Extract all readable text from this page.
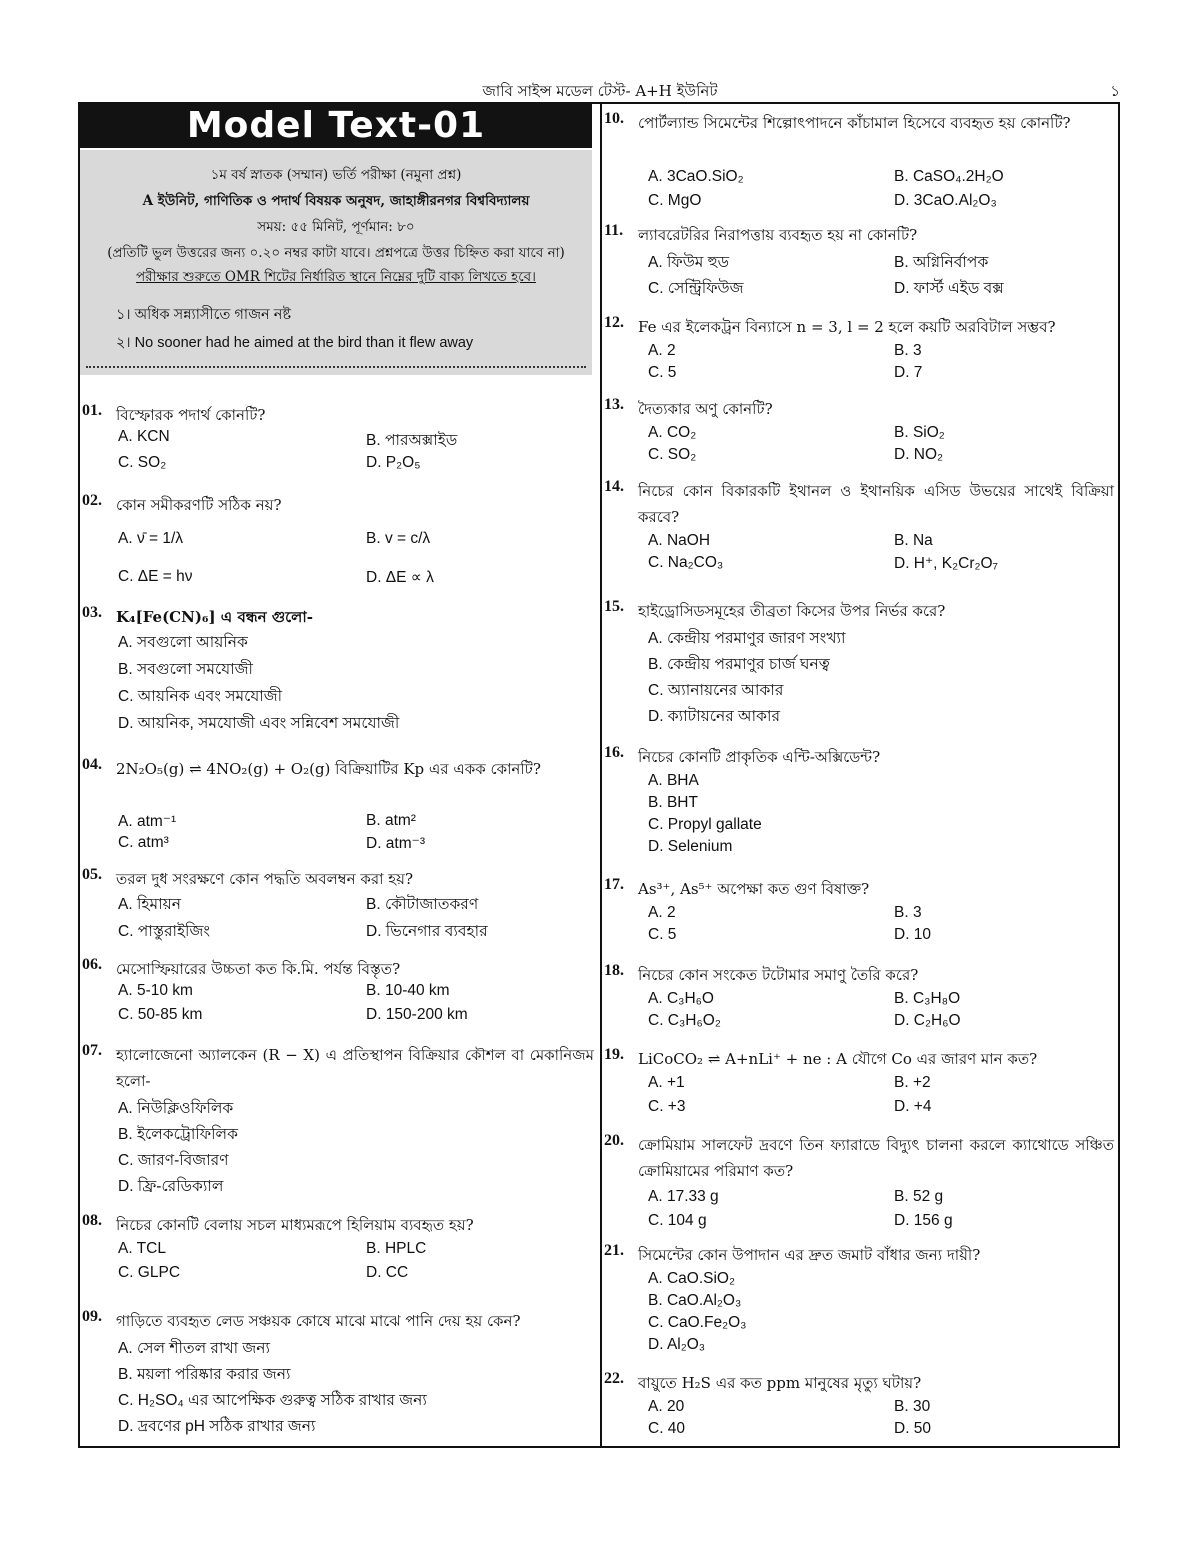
জাবি সাইন্স মডেল টেস্ট- A+H ইউনিট	১
Model Text-01
১ম বর্ষ স্নাতক (সম্মান) ভর্তি পরীক্ষা (নমুনা প্রশ্ন)
A ইউনিট, গাণিতিক ও পদার্থ বিষয়ক অনুষদ, জাহাঙ্গীরনগর বিশ্ববিদ্যালয়
সময়: ৫৫ মিনিট, পূর্ণমান: ৮০
(প্রতিটি ভুল উত্তরের জন্য ০.২০ নম্বর কাটা যাবে। প্রশ্নপত্রে উত্তর চিহ্নিত করা যাবে না)
পরীক্ষার শুরুতে OMR শিটের নির্ধারিত স্থানে নিম্নের দুটি বাক্য লিখতে হবে।
১। অধিক সন্ন্যাসীতে গাজন নষ্ট
২। No sooner had he aimed at the bird than it flew away
01. বিস্ফোরক পদার্থ কোনটি?
A. KCN	B. পারঅক্সাইড
C. SO₂	D. P₂O₅
02. কোন সমীকরণটি সঠিক নয়?
A. ν̄ = 1/λ	B. v = c/λ
C. ΔE = hν	D. ΔE ∝ λ
03. K₄[Fe(CN)₆] এ বন্ধন গুলো-
A. সবগুলো আয়নিক
B. সবগুলো সমযোজী
C. আয়নিক এবং সমযোজী
D. আয়নিক, সমযোজী এবং সন্নিবেশ সমযোজী
04. 2N₂O₅(g) ⇌ 4NO₂(g) + O₂(g) বিক্রিয়াটির Kp এর একক কোনটি?
A. atm⁻¹	B. atm²
C. atm³	D. atm⁻³
05. তরল দুধ সংরক্ষণে কোন পদ্ধতি অবলম্বন করা হয়?
A. হিমায়ন	B. কৌটাজাতকরণ
C. পাস্তুরাইজিং	D. ভিনেগার ব্যবহার
06. মেসোস্ফিয়ারের উচ্চতা কত কি.মি. পর্যন্ত বিস্তৃত?
A. 5-10 km	B. 10-40 km
C. 50-85 km	D. 150-200 km
07. হ্যালোজেনো অ্যালকেন (R − X) এ প্রতিস্থাপন বিক্রিয়ার কৌশল বা মেকানিজম হলো-
A. নিউক্লিওফিলিক
B. ইলেকট্রোফিলিক
C. জারণ-বিজারণ
D. ফ্রি-রেডিক্যাল
08. নিচের কোনটি বেলায় সচল মাধ্যমরূপে হিলিয়াম ব্যবহৃত হয়?
A. TCL	B. HPLC
C. GLPC	D. CC
09. গাড়িতে ব্যবহৃত লেড সঞ্চয়ক কোষে মাঝে মাঝে পানি দেয় হয় কেন?
A. সেল শীতল রাখা জন্য
B. ময়লা পরিষ্কার করার জন্য
C. H₂SO₄ এর আপেক্ষিক গুরুত্ব সঠিক রাখার জন্য
D. দ্রবণের pH সঠিক রাখার জন্য
10. পোর্টল্যান্ড সিমেন্টের শিল্পোৎপাদনে কাঁচামাল হিসেবে ব্যবহৃত হয় কোনটি?
A. 3CaO.SiO₂	B. CaSO₄.2H₂O
C. MgO	D. 3CaO.Al₂O₃
11. ল্যাবরেটরির নিরাপত্তায় ব্যবহৃত হয় না কোনটি?
A. ফিউম হুড	B. অগ্নিনির্বাপক
C. সেন্ট্রিফিউজ	D. ফার্স্ট এইড বক্স
12. Fe এর ইলেকট্রন বিন্যাসে n = 3, l = 2 হলে কয়টি অরবিটাল সম্ভব?
A. 2	B. 3
C. 5	D. 7
13. দৈত্যকার অণু কোনটি?
A. CO₂	B. SiO₂
C. SO₂	D. NO₂
14. নিচের কোন বিকারকটি ইথানল ও ইথানয়িক এসিড উভয়ের সাথেই বিক্রিয়া করবে?
A. NaOH	B. Na
C. Na₂CO₃	D. H⁺, K₂Cr₂O₇
15. হাইড্রোসিডসমূহের তীব্রতা কিসের উপর নির্ভর করে?
A. কেন্দ্রীয় পরমাণুর জারণ সংখ্যা
B. কেন্দ্রীয় পরমাণুর চার্জ ঘনত্ব
C. অ্যানায়নের আকার
D. ক্যাটায়নের আকার
16. নিচের কোনটি প্রাকৃতিক এন্টি-অক্সিডেন্ট?
A. BHA
B. BHT
C. Propyl gallate
D. Selenium
17. As³⁺, As⁵⁺ অপেক্ষা কত গুণ বিষাক্ত?
A. 2	B. 3
C. 5	D. 10
18. নিচের কোন সংকেত টটোমার সমাণু তৈরি করে?
A. C₃H₆O	B. C₃H₈O
C. C₃H₆O₂	D. C₂H₆O
19. LiCoCO₂ ⇌ A+nLi⁺ + ne : A যৌগে Co এর জারণ মান কত?
A. +1	B. +2
C. +3	D. +4
20. ক্রোমিয়াম সালফেট দ্রবণে তিন ফ্যারাডে বিদ্যুৎ চালনা করলে ক্যাথোডে সঞ্চিত ক্রোমিয়ামের পরিমাণ কত?
A. 17.33 g	B. 52 g
C. 104 g	D. 156 g
21. সিমেন্টের কোন উপাদান এর দ্রুত জমাট বাঁধার জন্য দায়ী?
A. CaO.SiO₂
B. CaO.Al₂O₃
C. CaO.Fe₂O₃
D. Al₂O₃
22. বায়ুতে H₂S এর কত ppm মানুষের মৃত্যু ঘটায়?
A. 20	B. 30
C. 40	D. 50
